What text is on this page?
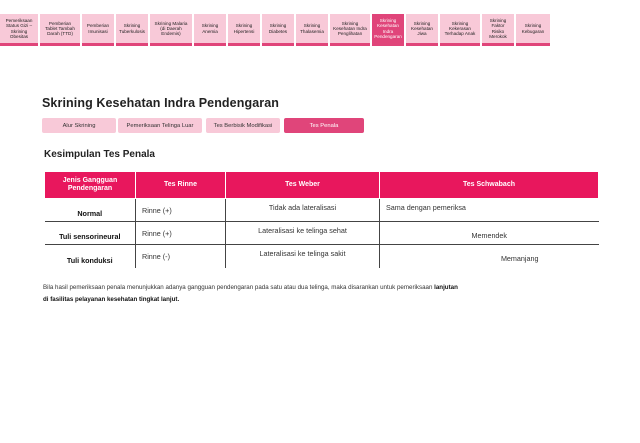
Pemeriksaan Status Gizi – Skrining Obesitas
Pemberian Tablet Tambah Darah (TTD)
Pemberian Imunisasi
Skrining Tuberkulosis
Skrining Malaria (di Daerah Endemis)
Skrining Anemia
Skrining Hipertensi
Skrining Diabetes
Skrining Thalasemia
Skrining Kesehatan Indra Penglihatan
Skrining Kesehatan Indra Pendengaran
Skrining Kesehatan Jiwa
Skrining Kekerasan Terhadap Anak
Skrining Faktor Risiko Merokok
Skrining Kebugaran
Skrining Kesehatan Indra Pendengaran
Alur Skrining	Pemeriksaan Telinga Luar	Tes Berbisik Modifikasi	Tes Penala
Kesimpulan Tes Penala
Jenis Gangguan Pendengaran	Tes Rinne	Tes Weber	Tes Schwabach
Normal	Rinne (+)	Tidak ada lateralisasi	Sama dengan pemeriksa
Tuli sensorineural	Rinne (+)	Lateralisasi ke telinga sehat	Memendek
Tuli konduksi	Rinne (-)	Lateralisasi ke telinga sakit	Memanjang

Bila hasil pemeriksaan penala menunjukkan adanya gangguan pendengaran pada satu atau dua telinga, maka disarankan untuk pemeriksaan lanjutan di fasilitas pelayanan kesehatan tingkat lanjut.
